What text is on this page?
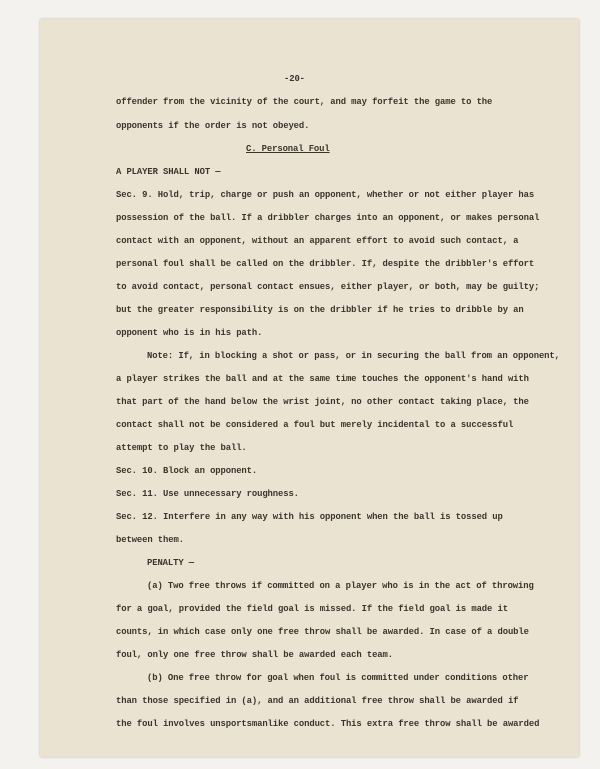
-20-
offender from the vicinity of the court, and may forfeit the game to the
opponents if the order is not obeyed.
C. Personal Foul
A PLAYER SHALL NOT —
Sec. 9. Hold, trip, charge or push an opponent, whether or not either player has
possession of the ball. If a dribbler charges into an opponent, or makes personal
contact with an opponent, without an apparent effort to avoid such contact, a
personal foul shall be called on the dribbler. If, despite the dribbler's effort
to avoid contact, personal contact ensues, either player, or both, may be guilty;
but the greater responsibility is on the dribbler if he tries to dribble by an
opponent who is in his path.
Note: If, in blocking a shot or pass, or in securing the ball from an opponent,
a player strikes the ball and at the same time touches the opponent's hand with
that part of the hand below the wrist joint, no other contact taking place, the
contact shall not be considered a foul but merely incidental to a successful
attempt to play the ball.
Sec. 10. Block an opponent.
Sec. 11. Use unnecessary roughness.
Sec. 12. Interfere in any way with his opponent when the ball is tossed up
between them.
PENALTY —
(a) Two free throws if committed on a player who is in the act of throwing
for a goal, provided the field goal is missed. If the field goal is made it
counts, in which case only one free throw shall be awarded. In case of a double
foul, only one free throw shall be awarded each team.
(b) One free throw for goal when foul is committed under conditions other
than those specified in (a), and an additional free throw shall be awarded if
the foul involves unsportsmanlike conduct. This extra free throw shall be awarded
